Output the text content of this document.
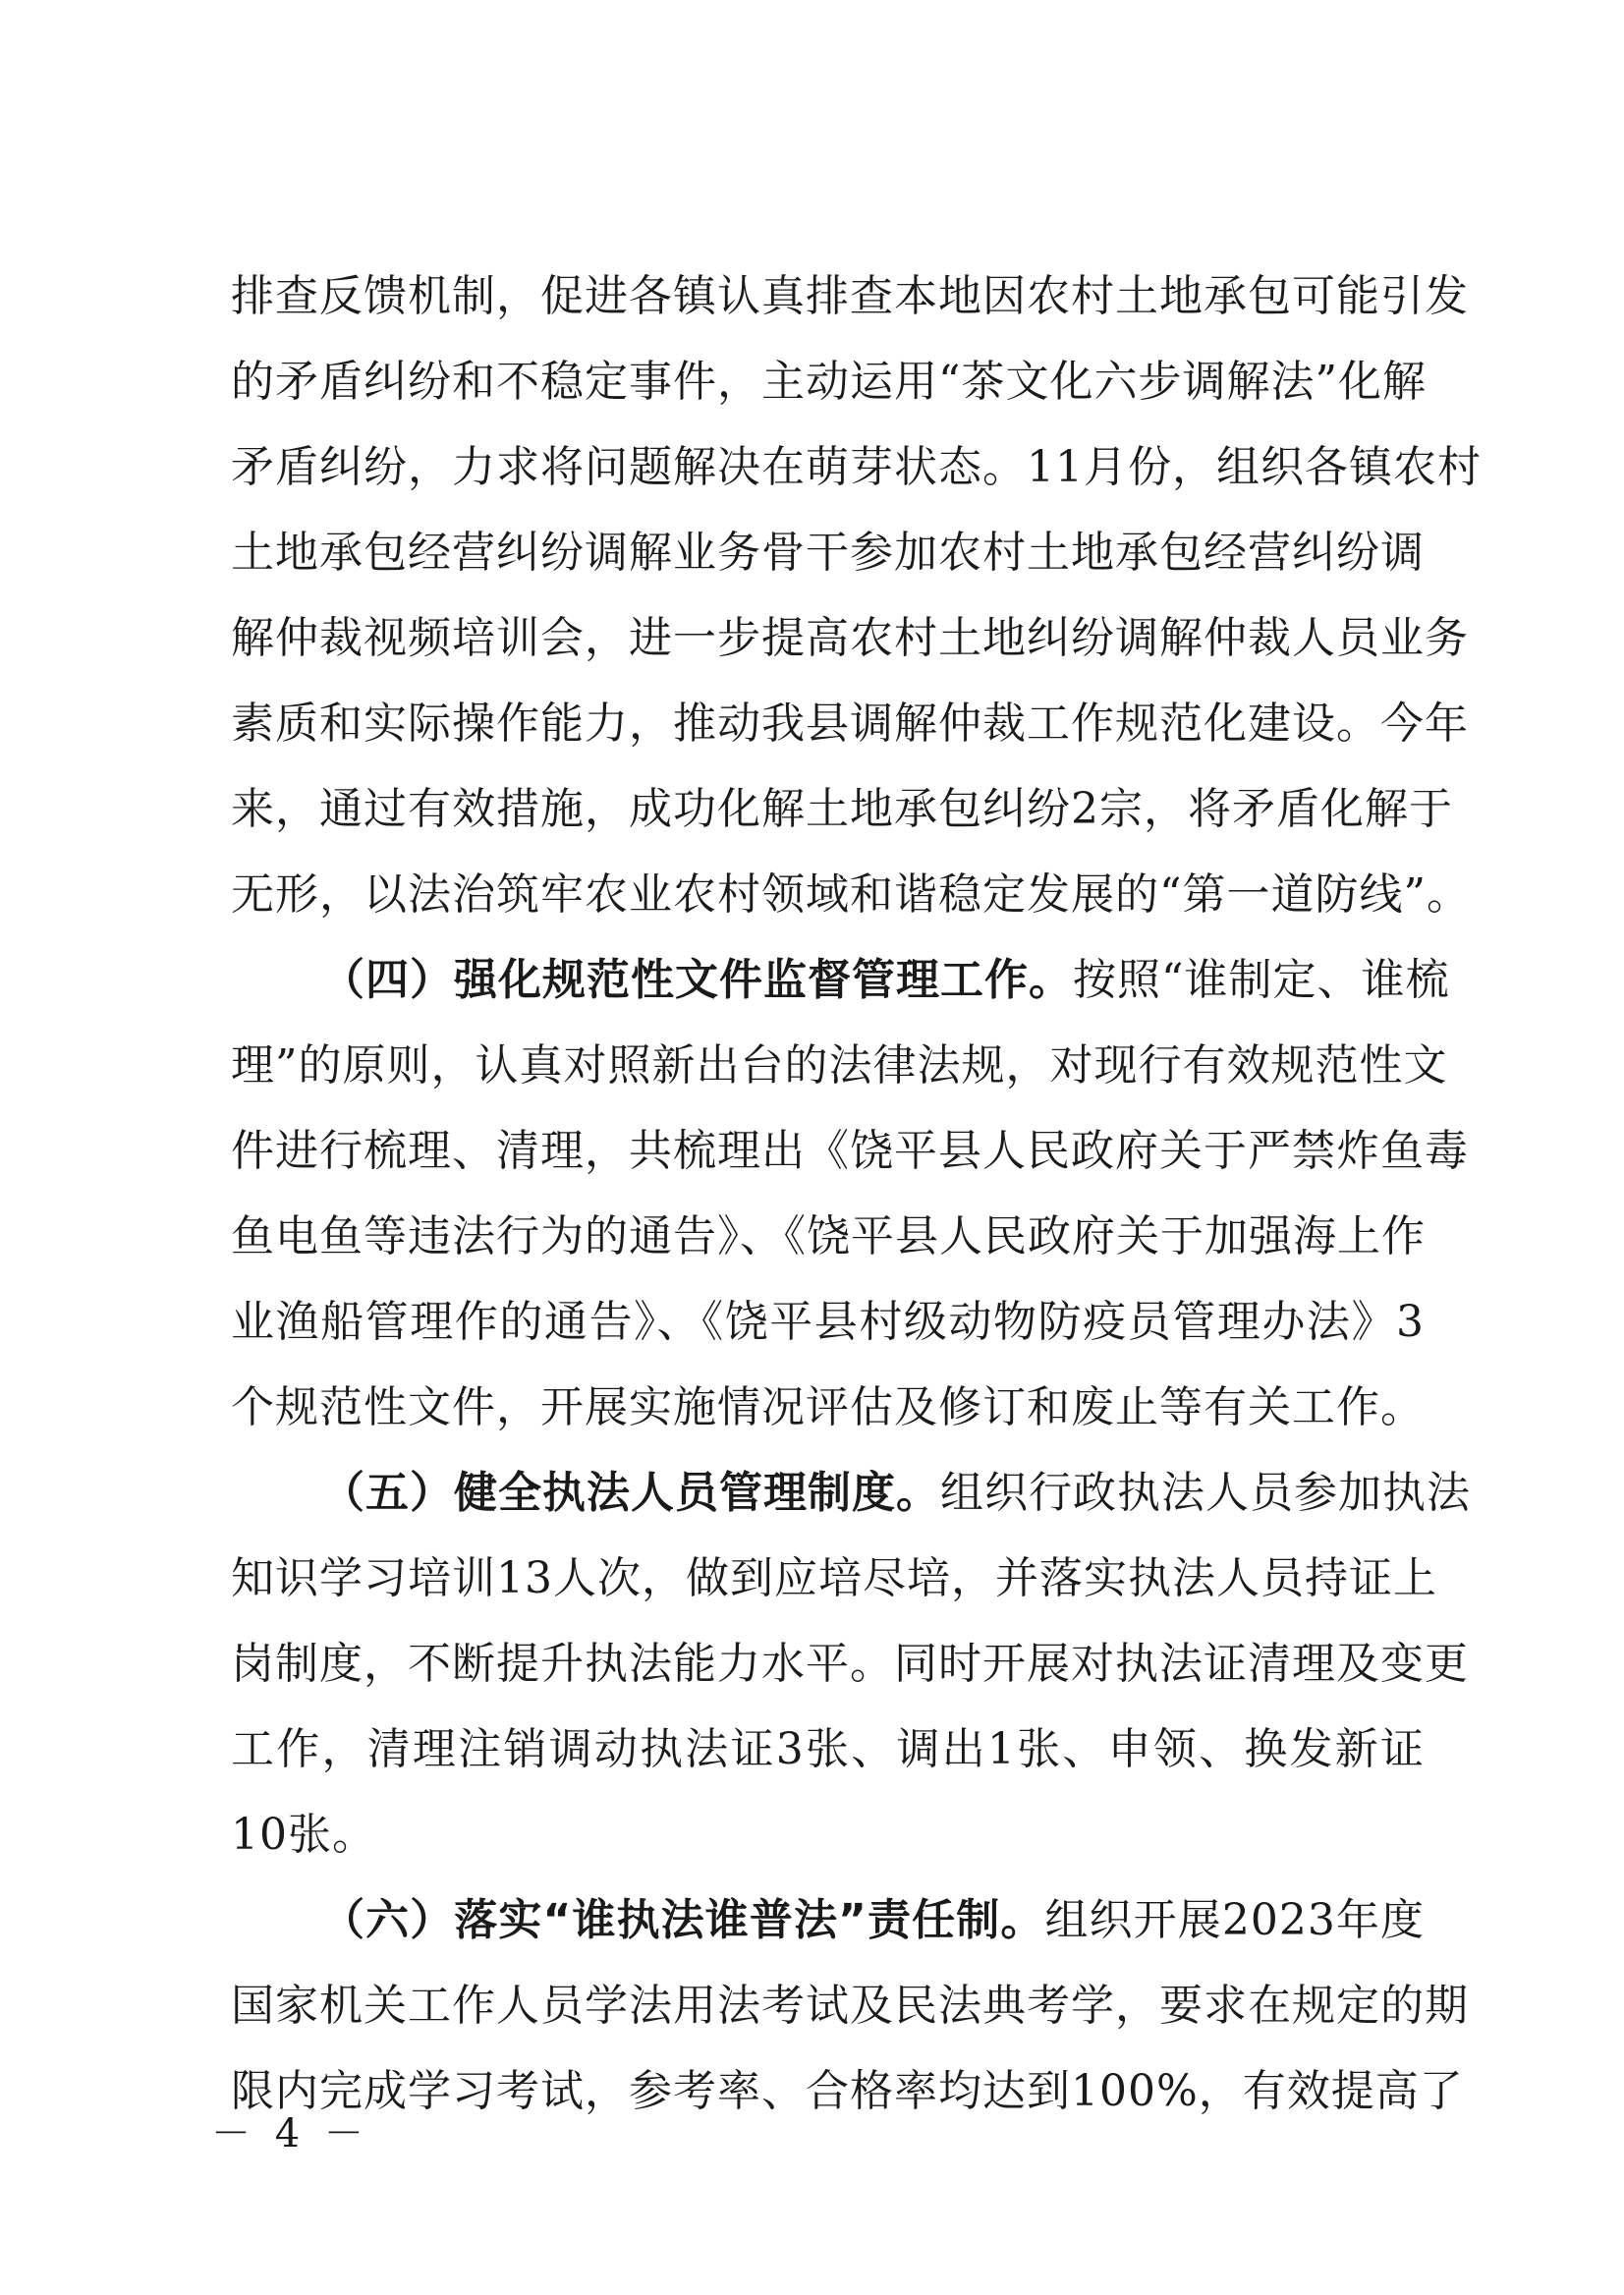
排查反馈机制，促进各镇认真排查本地因农村土地承包可能引发
的矛盾纠纷和不稳定事件，主动运用“茶文化六步调解法”化解
矛盾纠纷，力求将问题解决在萌芽状态。11月份，组织各镇农村
土地承包经营纠纷调解业务骨干参加农村土地承包经营纠纷调
解仲裁视频培训会，进一步提高农村土地纠纷调解仲裁人员业务
素质和实际操作能力，推动我县调解仲裁工作规范化建设。今年
来，通过有效措施，成功化解土地承包纠纷2宗，将矛盾化解于
无形，以法治筑牢农业农村领域和谐稳定发展的“第一道防线”。
（四）强化规范性文件监督管理工作。按照“谁制定、谁梳
理”的原则，认真对照新出台的法律法规，对现行有效规范性文
件进行梳理、清理，共梳理出《饶平县人民政府关于严禁炸鱼毒
鱼电鱼等违法行为的通告》、《饶平县人民政府关于加强海上作
业渔船管理作的通告》、《饶平县村级动物防疫员管理办法》3
个规范性文件，开展实施情况评估及修订和废止等有关工作。
（五）健全执法人员管理制度。组织行政执法人员参加执法
知识学习培训13人次，做到应培尽培，并落实执法人员持证上
岗制度，不断提升执法能力水平。同时开展对执法证清理及变更
工作，清理注销调动执法证3张、调出1张、申领、换发新证
10张。
（六）落实“谁执法谁普法”责任制。组织开展2023年度
国家机关工作人员学法用法考试及民法典考学，要求在规定的期
限内完成学习考试，参考率、合格率均达到100%，有效提高了
－ 4 －
